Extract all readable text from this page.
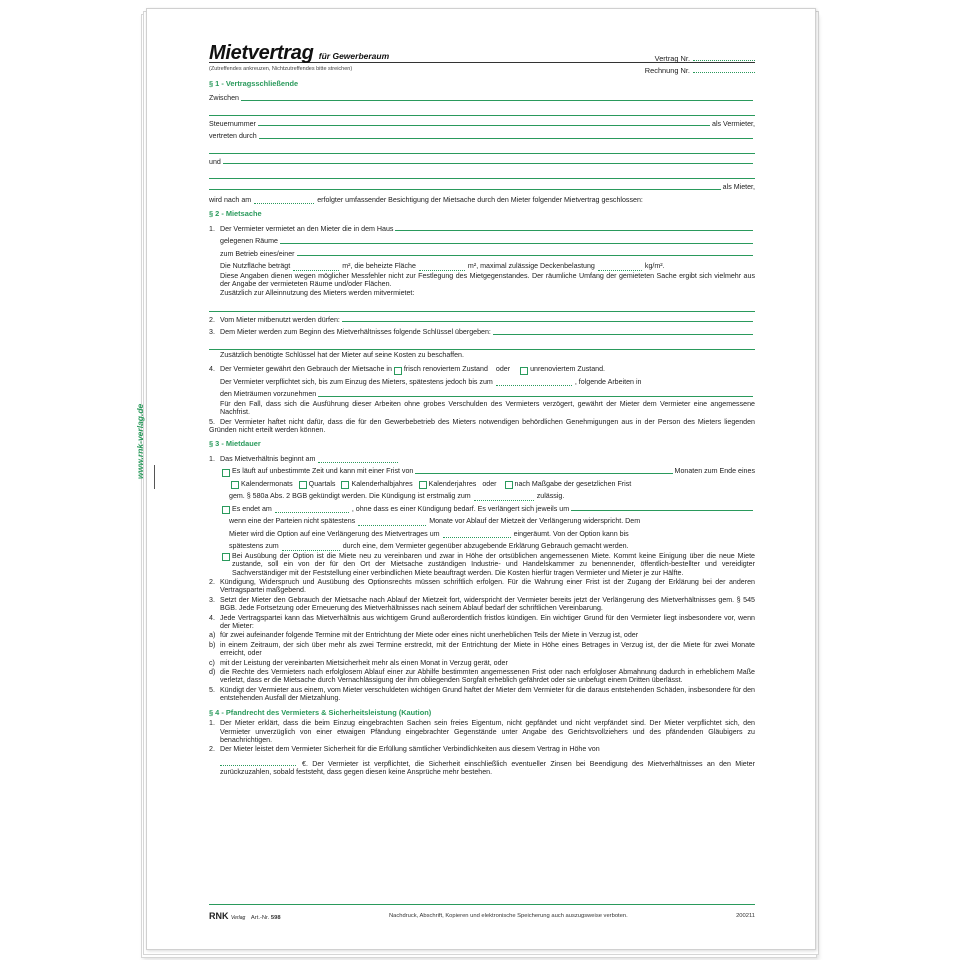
www.rnk-verlag.de
Mietvertrag für Gewerberaum	Vertrag Nr.
Rechnung Nr.
(Zutreffendes ankreuzen, Nichtzutreffendes bitte streichen)
§ 1 - Vertragsschließende
Zwischen
Steuernummer	als Vermieter,
vertreten durch
und
als Mieter,
wird nach am	erfolgter umfassender Besichtigung der Mietsache durch den Mieter folgender Mietvertrag geschlossen:
§ 2 - Mietsache
1. Der Vermieter vermietet an den Mieter die in dem Haus
gelegenen Räume
zum Betrieb eines/einer
Die Nutzfläche beträgt	m², die beheizte Fläche	m², maximal zulässige Deckenbelastung	kg/m².
Diese Angaben dienen wegen möglicher Messfehler nicht zur Festlegung des Mietgegenstandes. Der räumliche Umfang der gemieteten Sache ergibt sich vielmehr aus der Angabe der vermieteten Räume und/oder Flächen.
Zusätzlich zur Alleinnutzung des Mieters werden mitvermietet:
2. Vom Mieter mitbenutzt werden dürfen:
3. Dem Mieter werden zum Beginn des Mietverhältnisses folgende Schlüssel übergeben:
Zusätzlich benötigte Schlüssel hat der Mieter auf seine Kosten zu beschaffen.
4. Der Vermieter gewährt den Gebrauch der Mietsache in frisch renoviertem Zustand oder	unrenoviertem Zustand.
Der Vermieter verpflichtet sich, bis zum Einzug des Mieters, spätestens jedoch bis zum	, folgende Arbeiten in
den Mieträumen vorzunehmen
Für den Fall, dass sich die Ausführung dieser Arbeiten ohne grobes Verschulden des Vermieters verzögert, gewährt der Mieter dem Vermieter eine angemessene Nachfrist.
5. Der Vermieter haftet nicht dafür, dass die für den Gewerbebetrieb des Mieters notwendigen behördlichen Genehmigungen aus in der Person des Mieters liegenden Gründen nicht erteilt werden können.
§ 3 - Mietdauer
1. Das Mietverhältnis beginnt am
Es läuft auf unbestimmte Zeit und kann mit einer Frist von	Monaten zum Ende eines
Kalendermonats Quartals Kalenderhalbjahres Kalenderjahres oder	nach Maßgabe der gesetzlichen Frist
gem. § 580a Abs. 2 BGB gekündigt werden. Die Kündigung ist erstmalig zum	zulässig.
Es endet am	, ohne dass es einer Kündigung bedarf. Es verlängert sich jeweils um
wenn eine der Parteien nicht spätestens	Monate vor Ablauf der Mietzeit der Verlängerung widerspricht. Dem
Mieter wird die Option auf eine Verlängerung des Mietvertrages um	eingeräumt. Von der Option kann bis
spätestens zum	durch eine, dem Vermieter gegenüber abzugebende Erklärung Gebrauch gemacht werden.
Bei Ausübung der Option ist die Miete neu zu vereinbaren und zwar in Höhe der ortsüblichen angemessenen Miete. Kommt keine Einigung über die neue Miete zustande, soll ein von der für den Ort der Mietsache zuständigen Industrie- und Handelskammer zu benennender, öffentlich-bestellter und vereidigter Sachverständiger mit der Feststellung einer verbindlichen Miete beauftragt werden. Die Kosten hierfür tragen Vermieter und Mieter je zur Hälfte.
2. Kündigung, Widerspruch und Ausübung des Optionsrechts müssen schriftlich erfolgen. Für die Wahrung einer Frist ist der Zugang der Erklärung bei der anderen Vertragspartei maßgebend.
3. Setzt der Mieter den Gebrauch der Mietsache nach Ablauf der Mietzeit fort, widerspricht der Vermieter bereits jetzt der Verlängerung des Mietverhältnisses gem. § 545 BGB. Jede Fortsetzung oder Erneuerung des Mietverhältnisses nach seinem Ablauf bedarf der schriftlichen Vereinbarung.
4. Jede Vertragspartei kann das Mietverhältnis aus wichtigem Grund außerordentlich fristlos kündigen. Ein wichtiger Grund für den Vermieter liegt insbesondere vor, wenn der Mieter:
a) für zwei aufeinander folgende Termine mit der Entrichtung der Miete oder eines nicht unerheblichen Teils der Miete in Verzug ist, oder
b) in einem Zeitraum, der sich über mehr als zwei Termine erstreckt, mit der Entrichtung der Miete in Höhe eines Betrages in Verzug ist, der die Miete für zwei Monate erreicht, oder
c) mit der Leistung der vereinbarten Mietsicherheit mehr als einen Monat in Verzug gerät, oder
d) die Rechte des Vermieters nach erfolglosem Ablauf einer zur Abhilfe bestimmten angemessenen Frist oder nach erfolgloser Abmahnung dadurch in erheblichem Maße verletzt, dass er die Mietsache durch Vernachlässigung der ihm obliegenden Sorgfalt erheblich gefährdet oder sie unbefugt einem Dritten überlässt.
5. Kündigt der Vermieter aus einem, vom Mieter verschuldeten wichtigen Grund haftet der Mieter dem Vermieter für die daraus entstehenden Schäden, insbesondere für den entstehenden Ausfall der Mietzahlung.
§ 4 - Pfandrecht des Vermieters & Sicherheitsleistung (Kaution)
1. Der Mieter erklärt, dass die beim Einzug eingebrachten Sachen sein freies Eigentum, nicht gepfändet und nicht verpfändet sind. Der Mieter verpflichtet sich, den Vermieter unverzüglich von einer etwaigen Pfändung eingebrachter Gegenstände unter Angabe des Gerichtsvollziehers und des pfändenden Gläubigers zu benachrichtigen.
2. Der Mieter leistet dem Vermieter Sicherheit für die Erfüllung sämtlicher Verbindlichkeiten aus diesem Vertrag in Höhe von
€. Der Vermieter ist verpflichtet, die Sicherheit einschließlich eventueller Zinsen bei Beendigung des Mietverhältnisses an den Mieter zurückzuzahlen, sobald feststeht, dass gegen diesen keine Ansprüche mehr bestehen.
RNK Verlag Art.-Nr. 598	Nachdruck, Abschrift, Kopieren und elektronische Speicherung auch auszugsweise verboten.	200211
